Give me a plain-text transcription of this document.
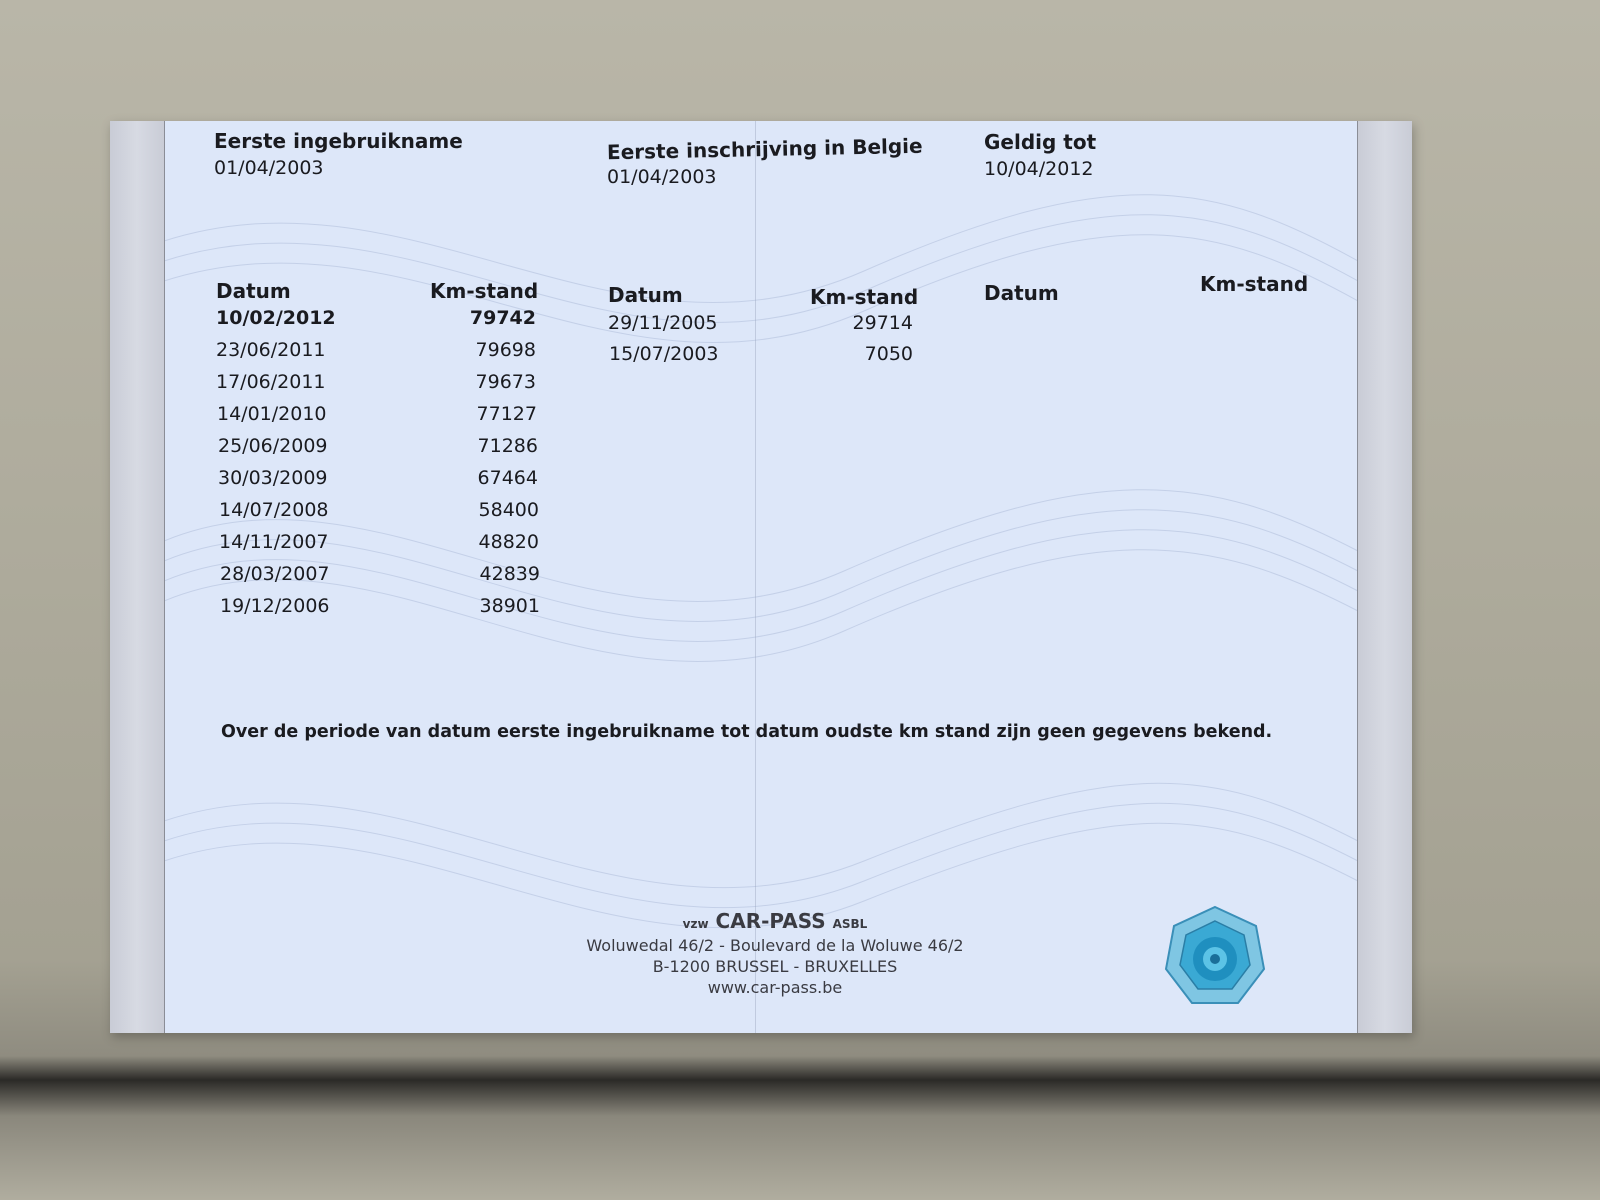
Eerste ingebruikname
01/04/2003
Eerste inschrijving in Belgie
01/04/2003
Geldig tot
10/04/2012
Datum	Km-stand	Datum	Km-stand	Datum	Km-stand
10/02/2012	79742
23/06/2011	79698
17/06/2011	79673
14/01/2010	77127
25/06/2009	71286
30/03/2009	67464
14/07/2008	58400
14/11/2007	48820
28/03/2007	42839
19/12/2006	38901
29/11/2005	29714
15/07/2003	7050
Over de periode van datum eerste ingebruikname tot datum oudste km stand zijn geen gegevens bekend.
vzw CAR-PASS ASBL
Woluwedal 46/2 - Boulevard de la Woluwe 46/2
B-1200 BRUSSEL - BRUXELLES
www.car-pass.be
